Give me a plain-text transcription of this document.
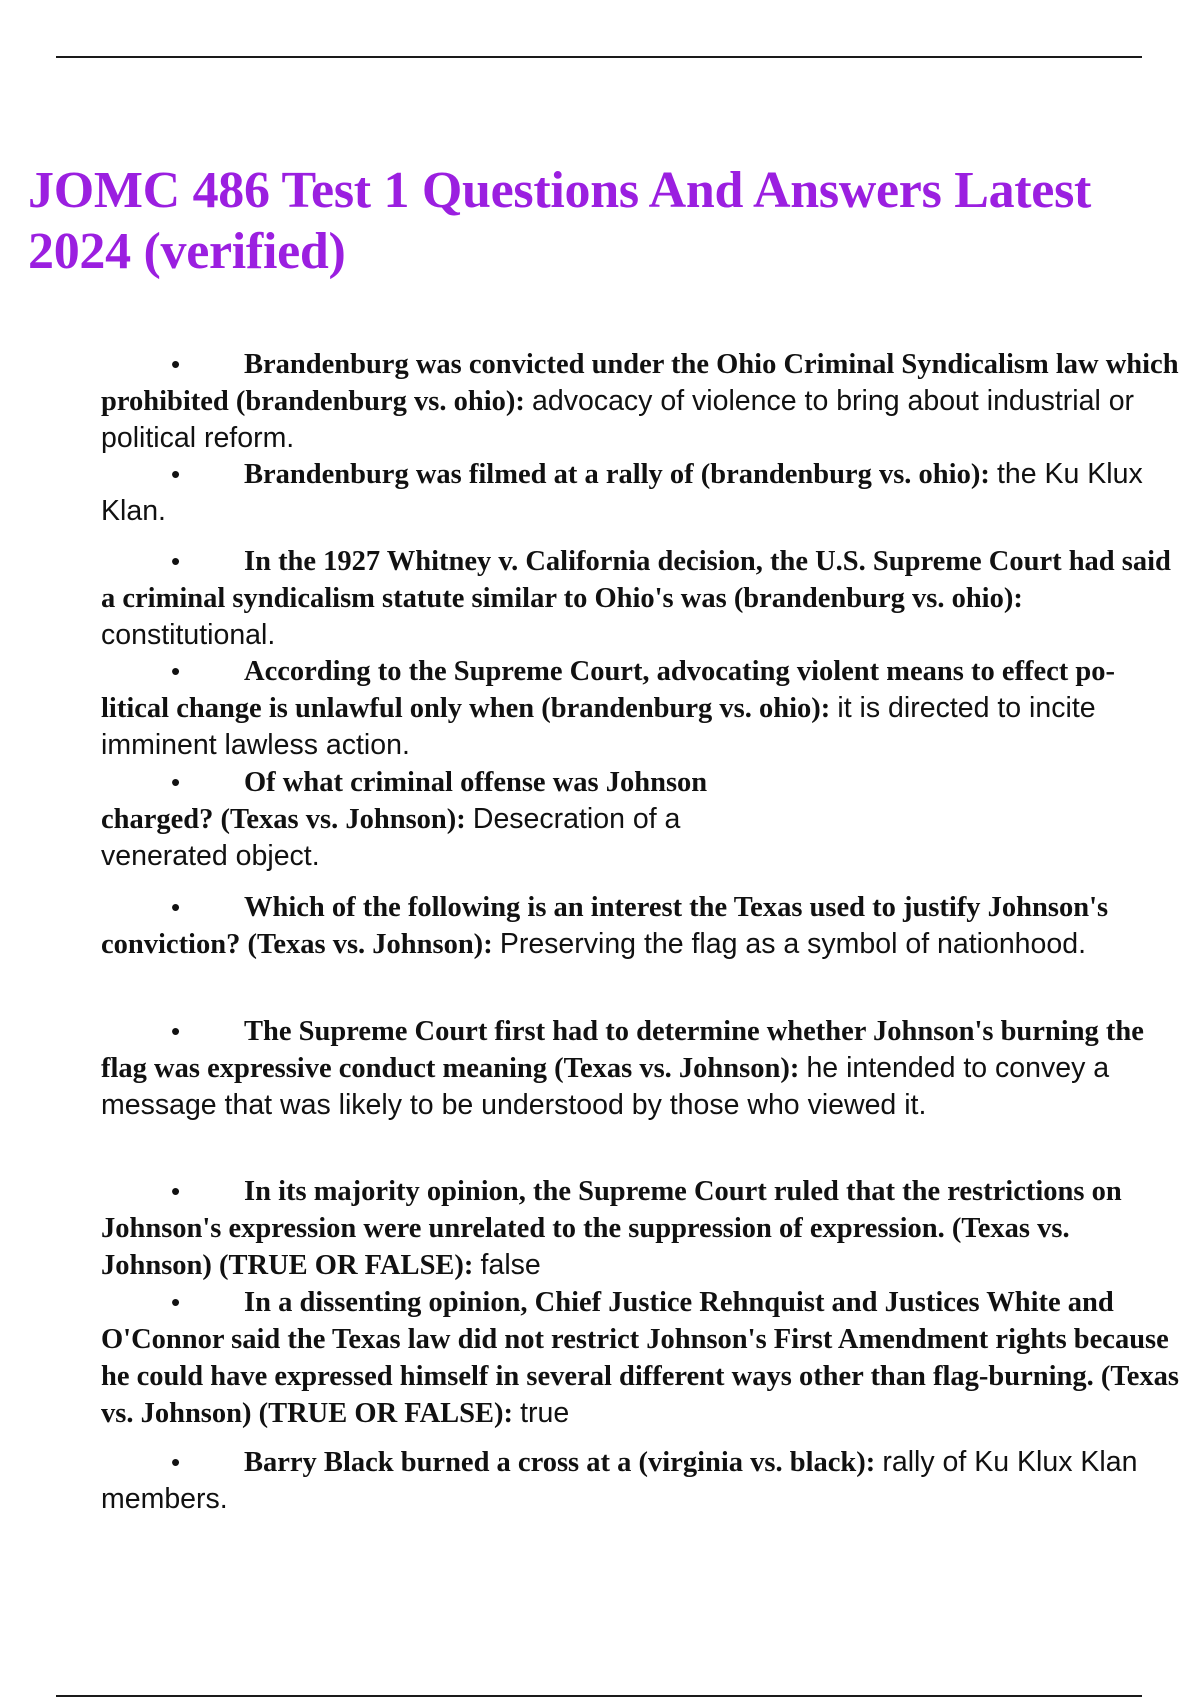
JOMC 486 Test 1 Questions And Answers Latest 2024 (verified)
• Brandenburg was convicted under the Ohio Criminal Syndicalism law which prohibited (brandenburg vs. ohio): advocacy of violence to bring about industrial or political reform.
• Brandenburg was filmed at a rally of (brandenburg vs. ohio): the Ku Klux Klan.
• In the 1927 Whitney v. California decision, the U.S. Supreme Court had said a criminal syndicalism statute similar to Ohio's was (brandenburg vs. ohio): constitutional.
• According to the Supreme Court, advocating violent means to effect po- litical change is unlawful only when (brandenburg vs. ohio): it is directed to incite imminent lawless action.
• Of what criminal offense was Johnson charged? (Texas vs. Johnson): Desecration of a venerated object.
• Which of the following is an interest the Texas used to justify Johnson's conviction? (Texas vs. Johnson): Preserving the flag as a symbol of nationhood.
• The Supreme Court first had to determine whether Johnson's burning the flag was expressive conduct meaning (Texas vs. Johnson): he intended to convey a message that was likely to be understood by those who viewed it.
• In its majority opinion, the Supreme Court ruled that the restrictions on Johnson's expression were unrelated to the suppression of expression. (Texas vs. Johnson) (TRUE OR FALSE): false
• In a dissenting opinion, Chief Justice Rehnquist and Justices White and O'Connor said the Texas law did not restrict Johnson's First Amendment rights because he could have expressed himself in several different ways other than flag-burning. (Texas vs. Johnson) (TRUE OR FALSE): true
• Barry Black burned a cross at a (virginia vs. black): rally of Ku Klux Klan members.
